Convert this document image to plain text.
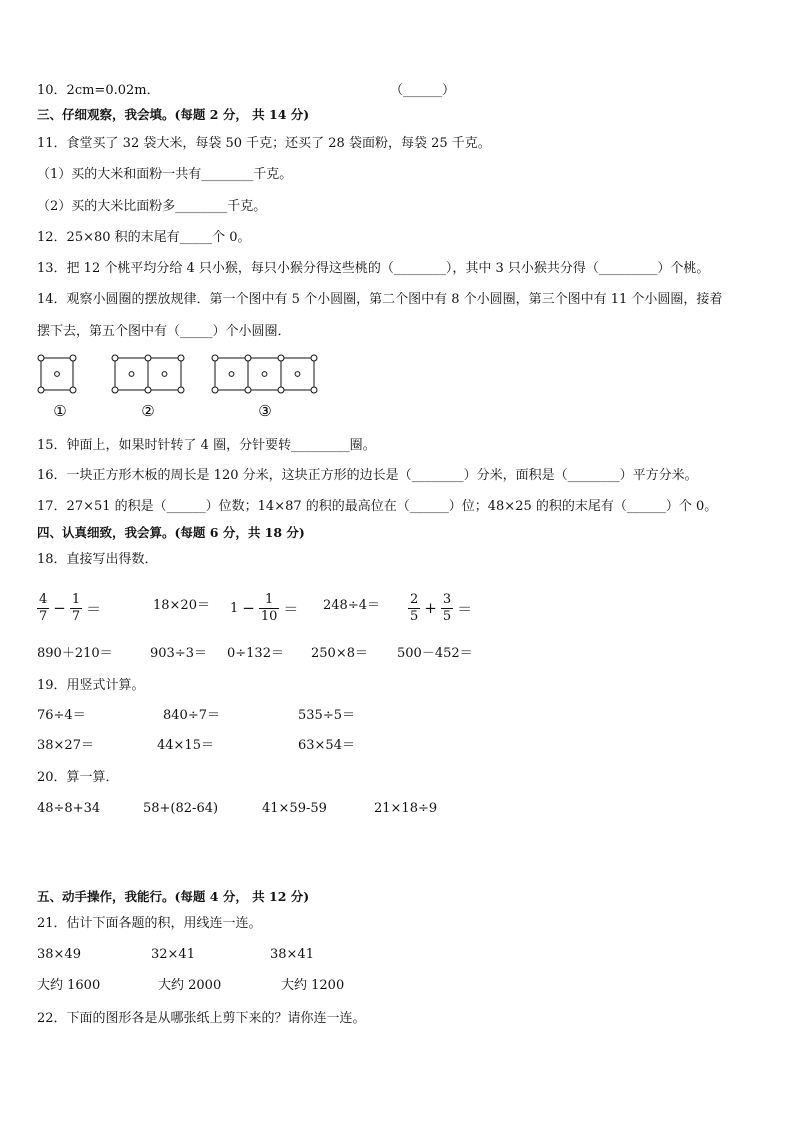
10．2cm=0.02m．	（______）
三、仔细观察，我会填。(每题 2 分， 共 14 分)
11．食堂买了 32 袋大米，每袋 50 千克；还买了 28 袋面粉，每袋 25 千克。
（1）买的大米和面粉一共有________千克。
（2）买的大米比面粉多________千克。
12．25×80 积的末尾有_____个 0。
13．把 12 个桃平均分给 4 只小猴，每只小猴分得这些桃的（________），其中 3 只小猴共分得（_________）个桃。
14．观察小圆圈的摆放规律．第一个图中有 5 个小圆圈，第二个图中有 8 个小圆圈，第三个图中有 11 个小圆圈，接着
摆下去，第五个图中有（_____）个小圆圈．
①	②	③
15．钟面上，如果时针转了 4 圈，分针要转_________圈。
16．一块正方形木板的周长是 120 分米，这块正方形的边长是（________）分米，面积是（________）平方分米。
17．27×51 的积是（______）位数；14×87 的积的最高位在（______）位；48×25 的积的末尾有（______）个 0。
四、认真细致，我会算。(每题 6 分，共 18 分)
18．直接写出得数．
$\frac{4}{7} - \frac{1}{7}$ ＝	$18\times 20= 1 - \frac{1}{10} = 248\div 4= \frac{2}{5} + \frac{3}{5}$ ＝
890＋210＝	903÷3＝ 0÷132＝ 250×8＝ 500－452＝
19．用竖式计算。
76÷4＝	840÷7＝	535÷5＝
38×27＝	44×15＝	63×54＝
20．算一算．
48÷8+34	58+(82-64)	41×59-59	21×18÷9
五、动手操作，我能行。(每题 4 分， 共 12 分)
21．估计下面各题的积，用线连一连。
38×49	32×41	38×41
大约 1600	大约 2000	大约 1200
22．下面的图形各是从哪张纸上剪下来的？请你连一连。
